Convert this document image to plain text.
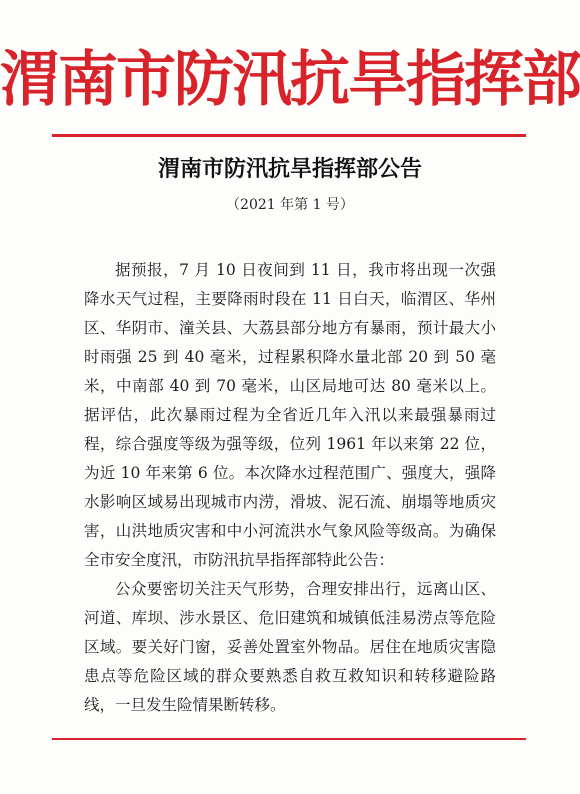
渭南市防汛抗旱指挥部
渭南市防汛抗旱指挥部公告
（2021 年第 1 号）

据预报，7 月 10 日夜间到 11 日，我市将出现一次强降水天气过程，主要降雨时段在 11 日白天，临渭区、华州区、华阴市、潼关县、大荔县部分地方有暴雨，预计最大小时雨强 25 到 40 毫米，过程累积降水量北部 20 到 50 毫米，中南部 40 到 70 毫米，山区局地可达 80 毫米以上。据评估，此次暴雨过程为全省近几年入汛以来最强暴雨过程，综合强度等级为强等级，位列 1961 年以来第 22 位，为近 10 年来第 6 位。本次降水过程范围广、强度大，强降水影响区域易出现城市内涝，滑坡、泥石流、崩塌等地质灾害，山洪地质灾害和中小河流洪水气象风险等级高。为确保全市安全度汛，市防汛抗旱指挥部特此公告：

公众要密切关注天气形势，合理安排出行，远离山区、河道、库坝、涉水景区、危旧建筑和城镇低洼易涝点等危险区域。要关好门窗，妥善处置室外物品。居住在地质灾害隐患点等危险区域的群众要熟悉自救互救知识和转移避险路线，一旦发生险情果断转移。
